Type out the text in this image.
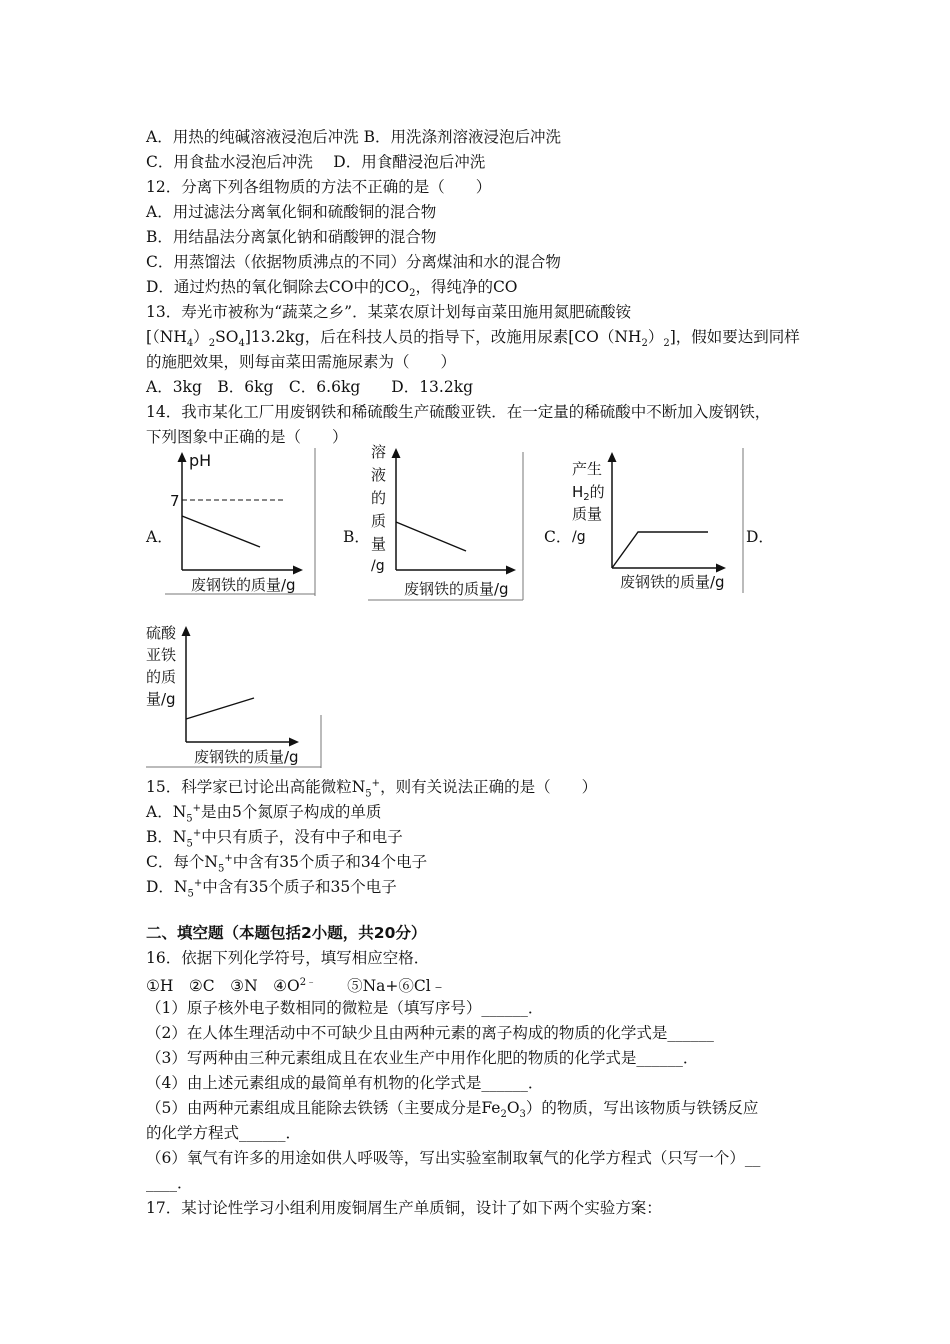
A．用热的纯碱溶液浸泡后冲洗 B．用洗涤剂溶液浸泡后冲洗
C．用食盐水浸泡后冲洗　 D．用食醋浸泡后冲洗
12．分离下列各组物质的方法不正确的是（　　）
A．用过滤法分离氧化铜和硫酸铜的混合物
B．用结晶法分离氯化钠和硝酸钾的混合物
C．用蒸馏法（依据物质沸点的不同）分离煤油和水的混合物
D．通过灼热的氧化铜除去CO中的$CO_2$，得纯净的CO
13．寿光市被称为“蔬菜之乡”．某菜农原计划每亩菜田施用氮肥硫酸铵
$[(NH_4)_2SO_4]13.2kg$，后在科技人员的指导下，改施用尿素$[CO(NH_2)_2]$，假如要达到同样
的施肥效果，则每亩菜田需施尿素为（　　）
A．3kg　B．6kg　C．6.6kg　　D．13.2kg
14．我市某化工厂用废钢铁和稀硫酸生产硫酸亚铁．在一定量的稀硫酸中不断加入废钢铁，
下列图象中正确的是（　　）
A．	B．	C．	D．
pH
7
废钢铁的质量/g
溶
液
的
质
量
/g
废钢铁的质量/g
产生
$H_2$的
质量
/g
废钢铁的质量/g
硫酸
亚铁
的质
量/g
废钢铁的质量/g
15．科学家已讨论出高能微粒$N_5^+$，则有关说法正确的是（　　）
A．$N_5^+$是由5个氮原子构成的单质
B．$N_5^+$中只有质子，没有中子和电子
C．每个$N_5^+$中含有35个质子和34个电子
D．$N_5^+$中含有35个质子和35个电子
二、填空题（本题包括2小题，共20分）
16．依据下列化学符号，填写相应空格．
①H　②C　③N　$④O^{2﹣}$　　⑤Na+⑥Cl﹣
（1）原子核外电子数相同的微粒是（填写序号）______．
（2）在人体生理活动中不可缺少且由两种元素的离子构成的物质的化学式是______
（3）写两种由三种元素组成且在农业生产中用作化肥的物质的化学式是______．
（4）由上述元素组成的最简单有机物的化学式是______．
（5）由两种元素组成且能除去铁锈（主要成分是$Fe_2O_3$）的物质，写出该物质与铁锈反应
的化学方程式______．
（6）氧气有许多的用途如供人呼吸等，写出实验室制取氧气的化学方程式（只写一个）__
____．
17．某讨论性学习小组利用废铜屑生产单质铜，设计了如下两个实验方案：
